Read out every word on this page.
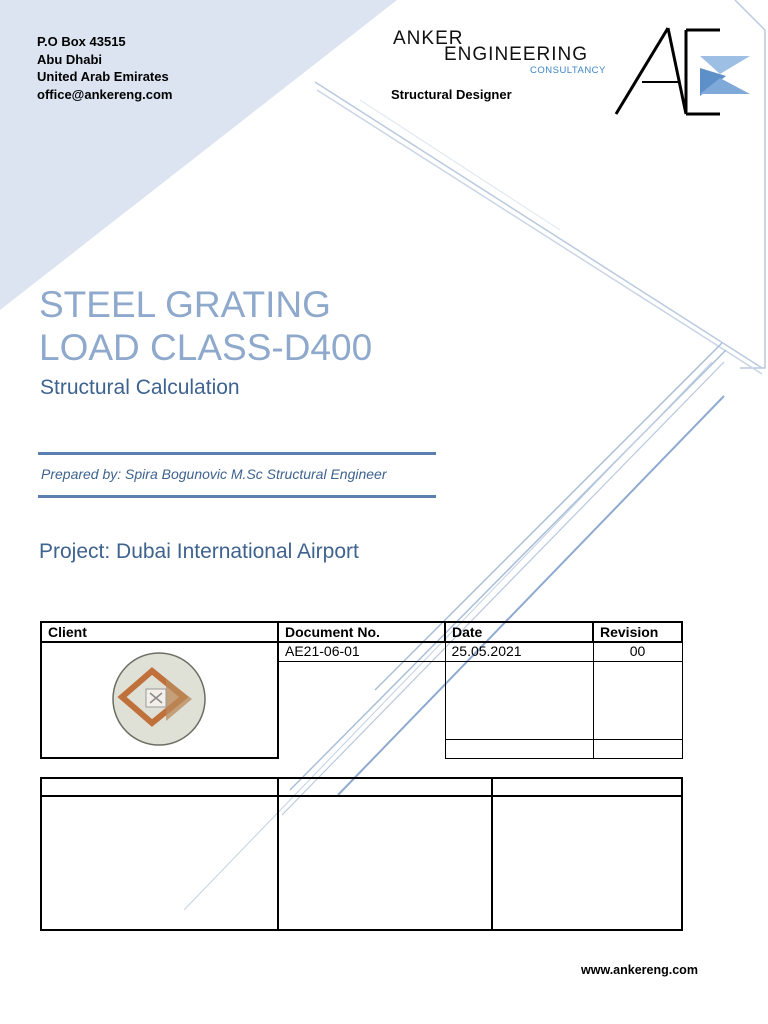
P.O Box 43515
Abu Dhabi
United Arab Emirates
office@ankereng.com
ANKER
ENGINEERING
CONSULTANCY
Structural Designer
STEEL GRATING
LOAD CLASS-D400
Structural Calculation
Prepared by: Spira Bogunovic M.Sc Structural Engineer
Project: Dubai International Airport
Client	Document No.	Date	Revision

	AE21-06-01	25.05.2021	00

www.ankereng.com
